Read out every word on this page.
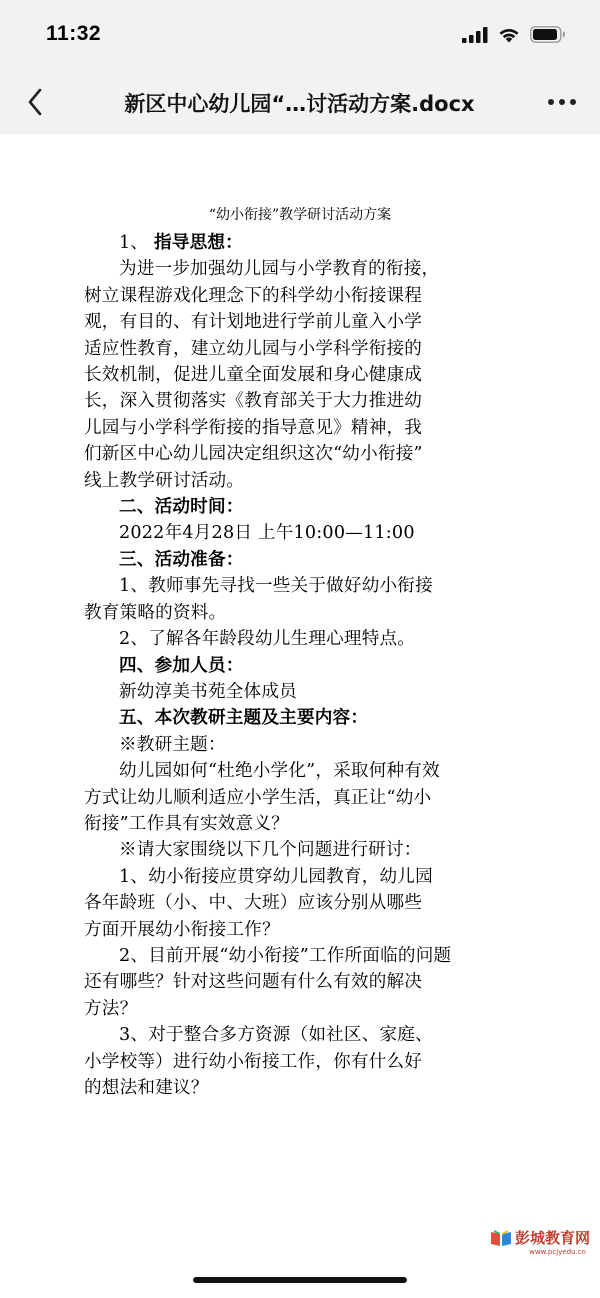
11:32
新区中心幼儿园“…讨活动方案.docx
“幼小衔接”教学研讨活动方案
1、 指导思想：
为进一步加强幼儿园与小学教育的衔接，
树立课程游戏化理念下的科学幼小衔接课程
观，有目的、有计划地进行学前儿童入小学
适应性教育，建立幼儿园与小学科学衔接的
长效机制，促进儿童全面发展和身心健康成
长，深入贯彻落实《教育部关于大力推进幼
儿园与小学科学衔接的指导意见》精神，我
们新区中心幼儿园决定组织这次“幼小衔接”
线上教学研讨活动。
二、活动时间：
2022年4月28日 上午10:00—11:00
三、活动准备：
1、教师事先寻找一些关于做好幼小衔接
教育策略的资料。
2、了解各年龄段幼儿生理心理特点。
四、参加人员：
新幼淳美书苑全体成员
五、本次教研主题及主要内容：
※教研主题：
幼儿园如何“杜绝小学化”，采取何种有效
方式让幼儿顺利适应小学生活，真正让“幼小
衔接”工作具有实效意义？
※请大家围绕以下几个问题进行研讨：
1、幼小衔接应贯穿幼儿园教育，幼儿园
各年龄班（小、中、大班）应该分别从哪些
方面开展幼小衔接工作？
2、目前开展“幼小衔接”工作所面临的问题
还有哪些？针对这些问题有什么有效的解决
方法？
3、对于整合多方资源（如社区、家庭、
小学校等）进行幼小衔接工作，你有什么好
的想法和建议？
彭城教育网
www.pcjyedu.cn
